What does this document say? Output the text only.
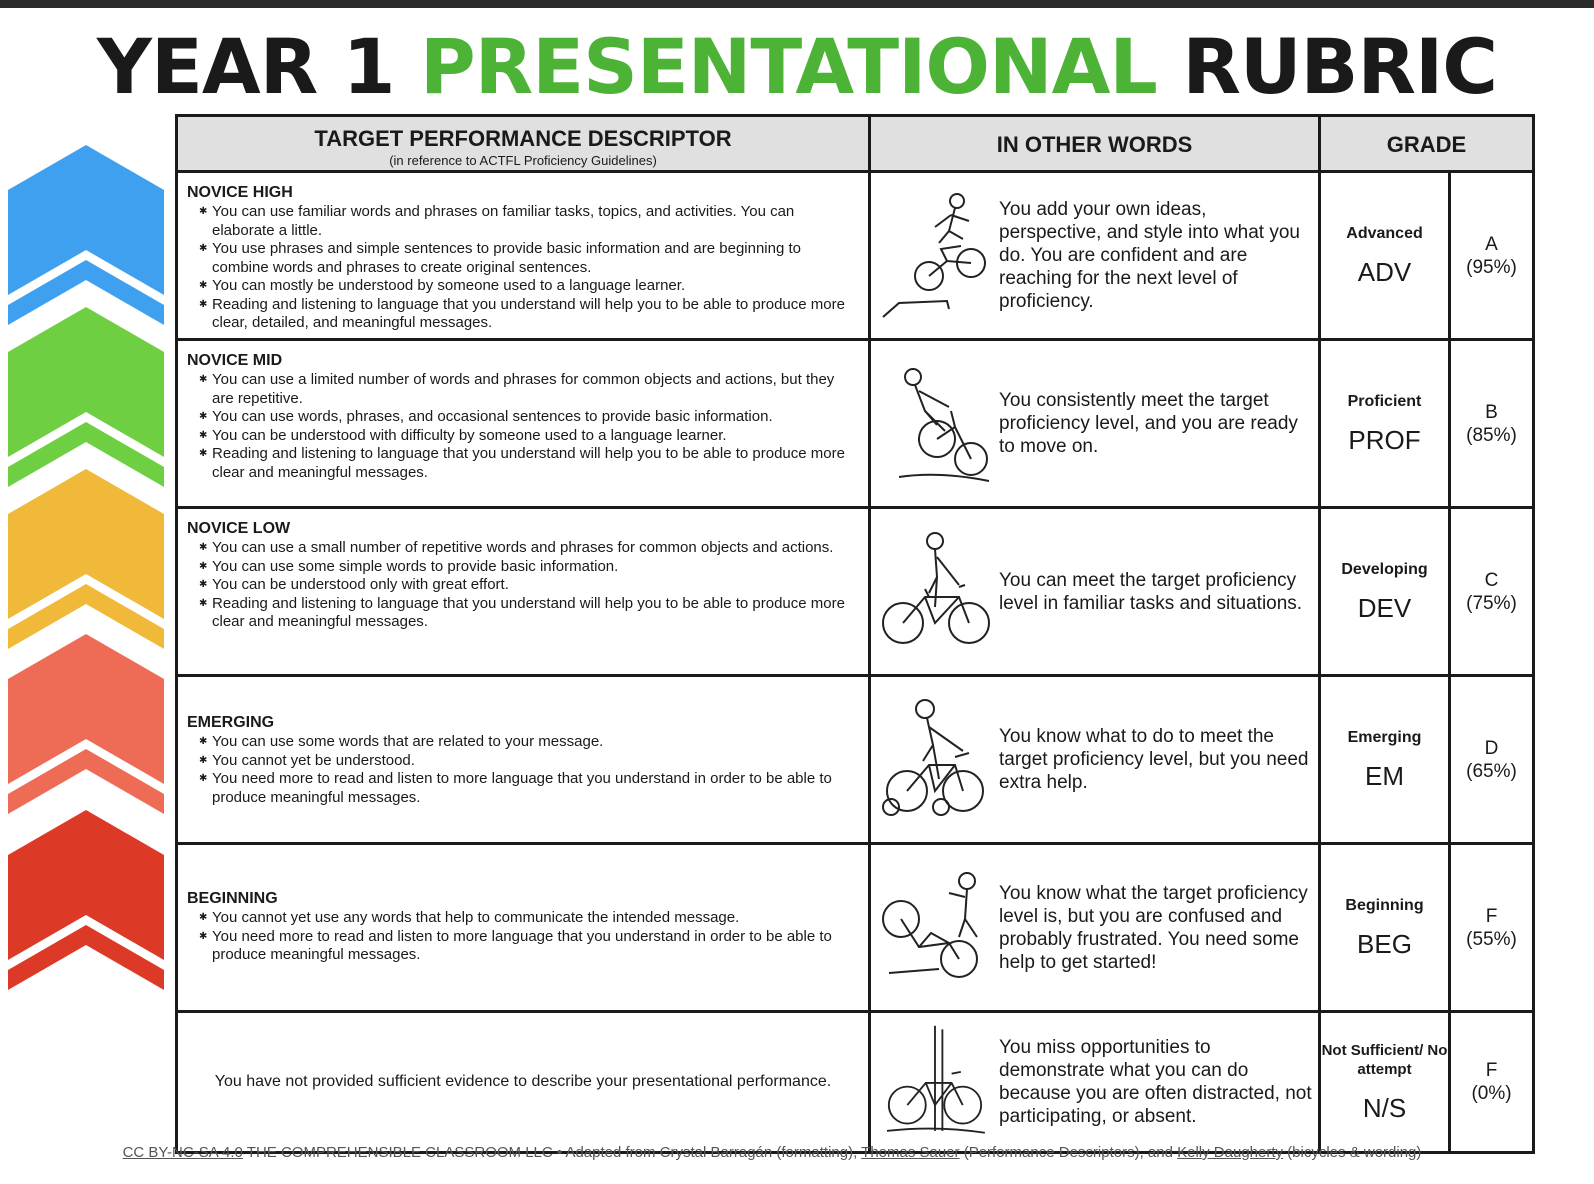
YEAR 1 PRESENTATIONAL RUBRIC
TARGET PERFORMANCE DESCRIPTOR
(in reference to ACTFL Proficiency Guidelines)
IN OTHER WORDS	GRADE
NOVICE HIGH
✱ You can use familiar words and phrases on familiar tasks, topics, and activities. You can elaborate a little.
✱ You use phrases and simple sentences to provide basic information and are beginning to combine words and phrases to create original sentences.
✱ You can mostly be understood by someone used to a language learner.
✱ Reading and listening to language that you understand will help you to be able to produce more clear, detailed, and meaningful messages.
You add your own ideas, perspective, and style into what you do. You are confident and are reaching for the next level of proficiency.
Advanced
ADV
A
(95%)
NOVICE MID
✱ You can use a limited number of words and phrases for common objects and actions, but they are repetitive.
✱ You can use words, phrases, and occasional sentences to provide basic information.
✱ You can be understood with difficulty by someone used to a language learner.
✱ Reading and listening to language that you understand will help you to be able to produce more clear and meaningful messages.
You consistently meet the target proficiency level, and you are ready to move on.
Proficient
PROF
B
(85%)
NOVICE LOW
✱ You can use a small number of repetitive words and phrases for common objects and actions.
✱ You can use some simple words to provide basic information.
✱ You can be understood only with great effort.
✱ Reading and listening to language that you understand will help you to be able to produce more clear and meaningful messages.
You can meet the target proficiency level in familiar tasks and situations.
Developing
DEV
C
(75%)
EMERGING
✱ You can use some words that are related to your message.
✱ You cannot yet be understood.
✱ You need more to read and listen to more language that you understand in order to be able to produce meaningful messages.
You know what to do to meet the target proficiency level, but you need extra help.
Emerging
EM
D
(65%)
BEGINNING
✱ You cannot yet use any words that help to communicate the intended message.
✱ You need more to read and listen to more language that you understand in order to be able to produce meaningful messages.
You know what the target proficiency level is, but you are confused and probably frustrated. You need some help to get started!
Beginning
BEG
F
(55%)
You have not provided sufficient evidence to describe your presentational performance.
You miss opportunities to demonstrate what you can do because you are often distracted, not participating, or absent.
Not Sufficient/ No attempt
N/S
F
(0%)
CC BY-NC-SA 4.0 THE COMPREHENSIBLE CLASSROOM LLC • Adapted from Crystal Barragán (formatting), Thomas Sauer (Performance Descriptors), and Kelly Daugherty (bicycles & wording)
